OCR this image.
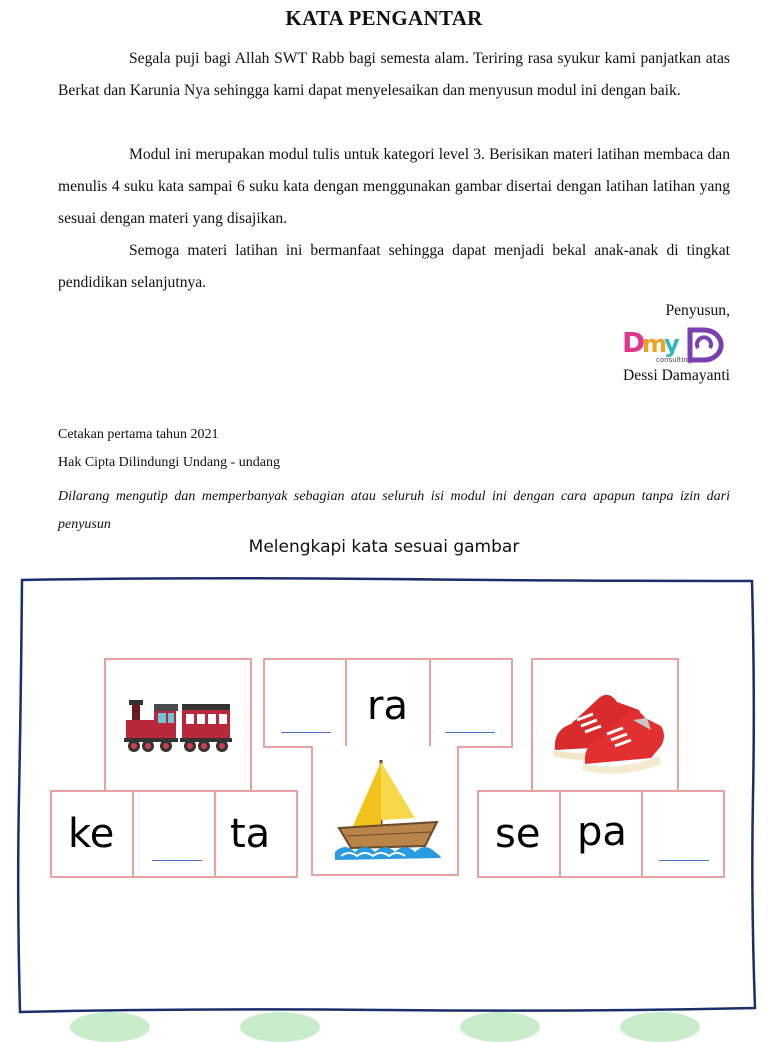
KATA PENGANTAR

Segala puji bagi Allah SWT Rabb bagi semesta alam. Teriring rasa syukur kami panjatkan atas Berkat dan Karunia Nya sehingga kami dapat menyelesaikan dan menyusun modul ini dengan baik.

Modul ini merupakan modul tulis untuk kategori level 3. Berisikan materi latihan membaca dan menulis 4 suku kata sampai 6 suku kata dengan menggunakan gambar disertai dengan latihan latihan yang sesuai dengan materi yang disajikan.

Semoga materi latihan ini bermanfaat sehingga dapat menjadi bekal anak-anak di tingkat pendidikan selanjutnya.

Penyusun,
D
m
y
consulting
Dessi Damayanti
Cetakan pertama tahun 2021
Hak Cipta Dilindungi Undang - undang
Dilarang mengutip dan memperbanyak sebagian atau seluruh isi modul ini dengan cara apapun tanpa izin dari penyusun
Melengkapi kata sesuai gambar
ke	ta
ra
se pa
